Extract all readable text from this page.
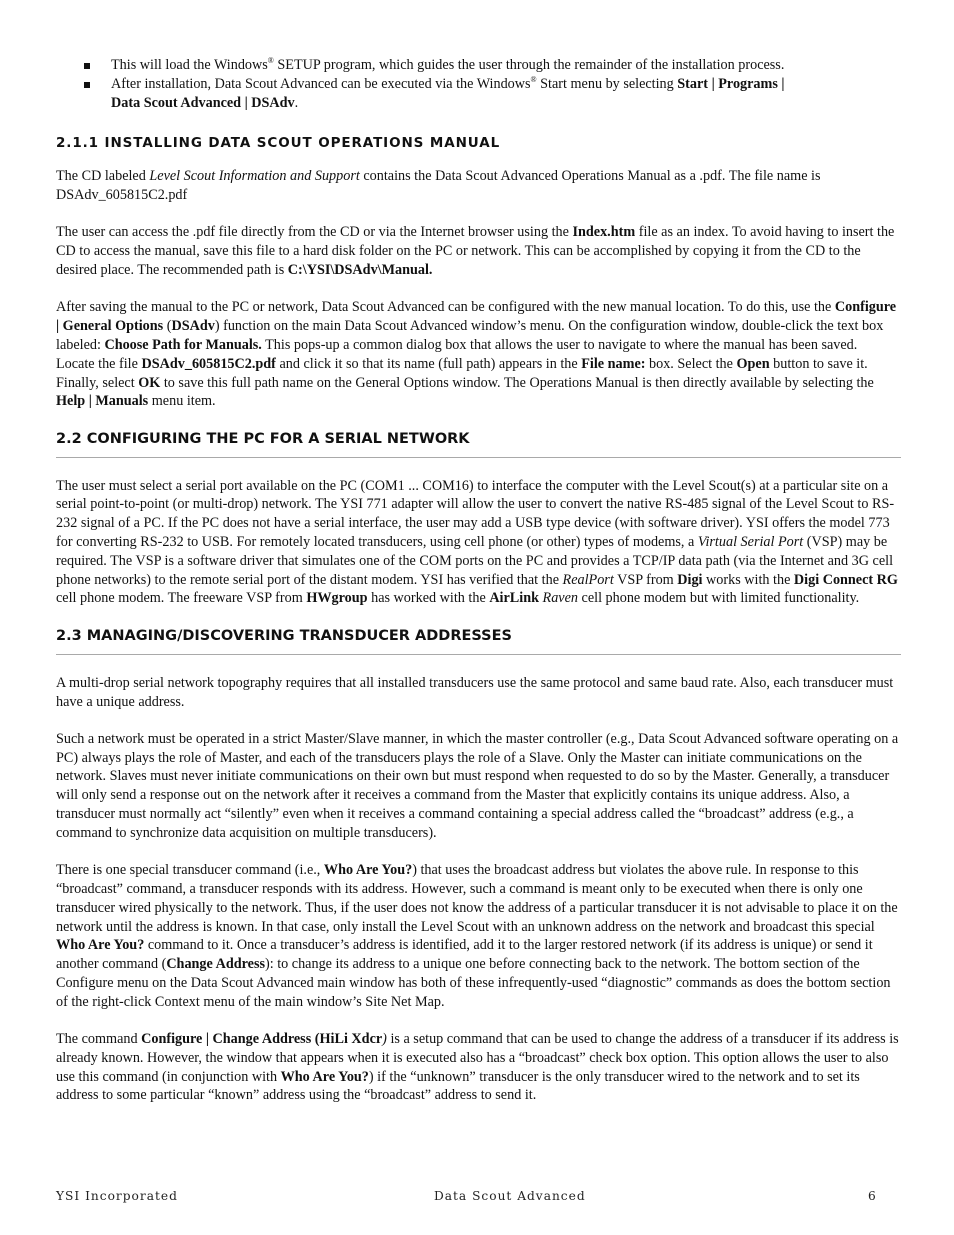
This will load the Windows® SETUP program, which guides the user through the remainder of the installation process.
After installation, Data Scout Advanced can be executed via the Windows® Start menu by selecting Start | Programs | Data Scout Advanced | DSAdv.
2.1.1 INSTALLING DATA SCOUT OPERATIONS MANUAL

The CD labeled Level Scout Information and Support contains the Data Scout Advanced Operations Manual as a .pdf. The file name is DSAdv_605815C2.pdf

The user can access the .pdf file directly from the CD or via the Internet browser using the Index.htm file as an index. To avoid having to insert the CD to access the manual, save this file to a hard disk folder on the PC or network. This can be accomplished by copying it from the CD to the desired place. The recommended path is C:\YSI\DSAdv\Manual.

After saving the manual to the PC or network, Data Scout Advanced can be configured with the new manual location. To do this, use the Configure | General Options (DSAdv) function on the main Data Scout Advanced window’s menu. On the configuration window, double-click the text box labeled: Choose Path for Manuals. This pops-up a common dialog box that allows the user to navigate to where the manual has been saved. Locate the file DSAdv_605815C2.pdf and click it so that its name (full path) appears in the File name: box. Select the Open button to save it. Finally, select OK to save this full path name on the General Options window. The Operations Manual is then directly available by selecting the Help | Manuals menu item.

2.2 CONFIGURING THE PC FOR A SERIAL NETWORK

The user must select a serial port available on the PC (COM1 ... COM16) to interface the computer with the Level Scout(s) at a particular site on a serial point-to-point (or multi-drop) network. The YSI 771 adapter will allow the user to convert the native RS-485 signal of the Level Scout to RS-232 signal of a PC. If the PC does not have a serial interface, the user may add a USB type device (with software driver). YSI offers the model 773 for converting RS-232 to USB. For remotely located transducers, using cell phone (or other) types of modems, a Virtual Serial Port (VSP) may be required. The VSP is a software driver that simulates one of the COM ports on the PC and provides a TCP/IP data path (via the Internet and 3G cell phone networks) to the remote serial port of the distant modem. YSI has verified that the RealPort VSP from Digi works with the Digi Connect RG cell phone modem. The freeware VSP from HWgroup has worked with the AirLink Raven cell phone modem but with limited functionality.

2.3 MANAGING/DISCOVERING TRANSDUCER ADDRESSES

A multi-drop serial network topography requires that all installed transducers use the same protocol and same baud rate. Also, each transducer must have a unique address.

Such a network must be operated in a strict Master/Slave manner, in which the master controller (e.g., Data Scout Advanced software operating on a PC) always plays the role of Master, and each of the transducers plays the role of a Slave. Only the Master can initiate communications on the network. Slaves must never initiate communications on their own but must respond when requested to do so by the Master. Generally, a transducer will only send a response out on the network after it receives a command from the Master that explicitly contains its unique address. Also, a transducer must normally act “silently” even when it receives a command containing a special address called the “broadcast” address (e.g., a command to synchronize data acquisition on multiple transducers).

There is one special transducer command (i.e., Who Are You?) that uses the broadcast address but violates the above rule. In response to this “broadcast” command, a transducer responds with its address. However, such a command is meant only to be executed when there is only one transducer wired physically to the network. Thus, if the user does not know the address of a particular transducer it is not advisable to place it on the network until the address is known. In that case, only install the Level Scout with an unknown address on the network and broadcast this special Who Are You? command to it. Once a transducer’s address is identified, add it to the larger restored network (if its address is unique) or send it another command (Change Address): to change its address to a unique one before connecting back to the network. The bottom section of the Configure menu on the Data Scout Advanced main window has both of these infrequently-used “diagnostic” commands as does the bottom section of the right-click Context menu of the main window’s Site Net Map.

The command Configure | Change Address (HiLi Xdcr) is a setup command that can be used to change the address of a transducer if its address is already known. However, the window that appears when it is executed also has a “broadcast” check box option. This option allows the user to also use this command (in conjunction with Who Are You?) if the “unknown” transducer is the only transducer wired to the network and to set its address to some particular “known” address using the “broadcast” address to send it.

YSI Incorporated	Data Scout Advanced	6
